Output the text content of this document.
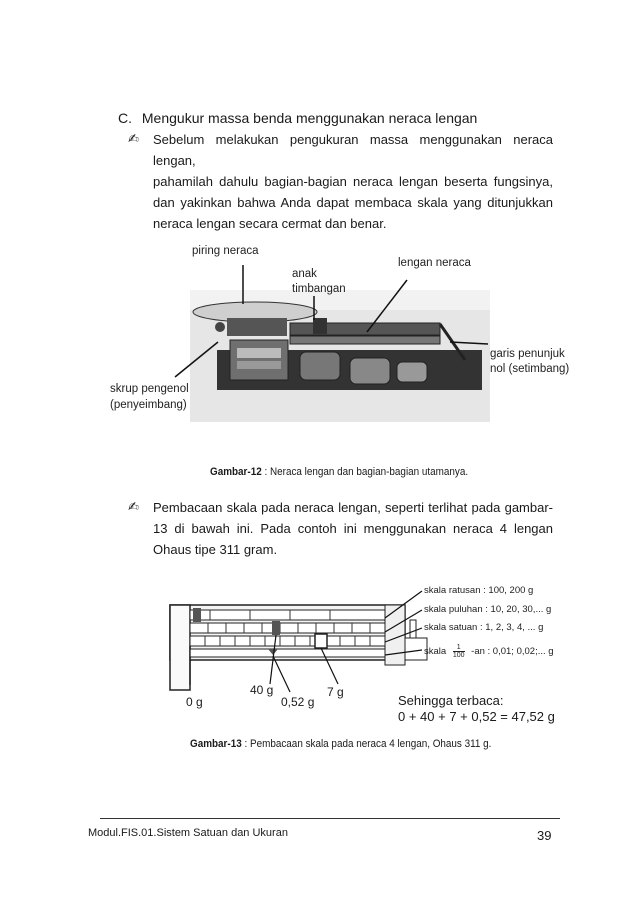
C. Mengukur massa benda menggunakan neraca lengan
✍ Sebelum melakukan pengukuran massa menggunakan neraca lengan,
pahamilah dahulu bagian-bagian neraca lengan beserta fungsinya,
dan yakinkan bahwa Anda dapat membaca skala yang ditunjukkan
neraca lengan secara cermat dan benar.
piring neraca
anak
timbangan
lengan neraca
garis penunjuk
nol (setimbang)
skrup pengenol
(penyeimbang)
Gambar-12 : Neraca lengan dan bagian-bagian utamanya.
✍ Pembacaan skala pada neraca lengan, seperti terlihat pada gambar-
13 di bawah ini. Pada contoh ini menggunakan neraca 4 lengan
Ohaus tipe 311 gram.
skala ratusan : 100, 200 g
skala puluhan : 10, 20, 30,... g
skala satuan : 1, 2, 3, 4, ... g
skala $\frac{1}{100} -an$ : 0,01; 0,02;... g
0 g
40 g
0,52 g
7 g
Sehingga terbaca:
0 + 40 + 7 + 0,52 = 47,52 g
Gambar-13 : Pembacaan skala pada neraca 4 lengan, Ohaus 311 g.
Modul.FIS.01.Sistem Satuan dan Ukuran	39
